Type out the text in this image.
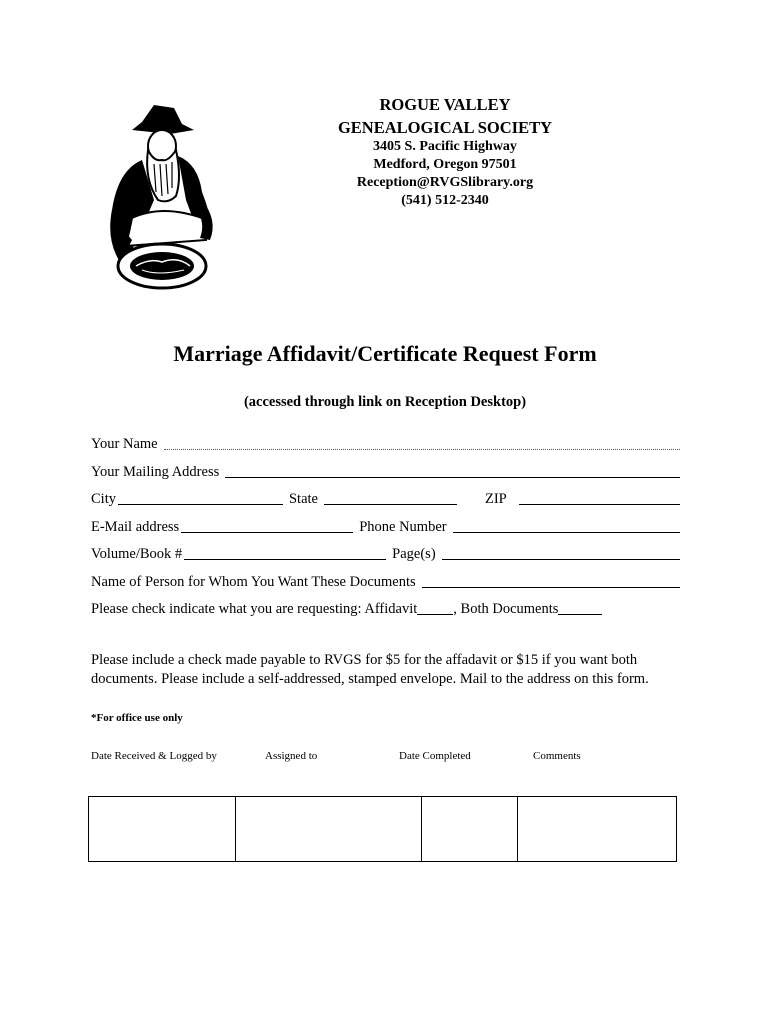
ROGUE VALLEY
GENEALOGICAL SOCIETY
3405 S. Pacific Highway
Medford, Oregon 97501
Reception@RVGSlibrary.org
(541) 512-2340
Marriage Affidavit/Certificate Request Form
(accessed through link on Reception Desktop)
Your Name
Your Mailing Address
City	State	ZIP
E-Mail address	Phone Number
Volume/Book #	Page(s)
Name of Person for Whom You Want These Documents
Please check indicate what you are requesting: Affidavit , Both Documents
Please include a check made payable to RVGS for $5 for the affadavit or $15 if you want both documents. Please include a self-addressed, stamped envelope. Mail to the address on this form.
*For office use only
Date Received & Logged by	Assigned to	Date Completed	Comments
